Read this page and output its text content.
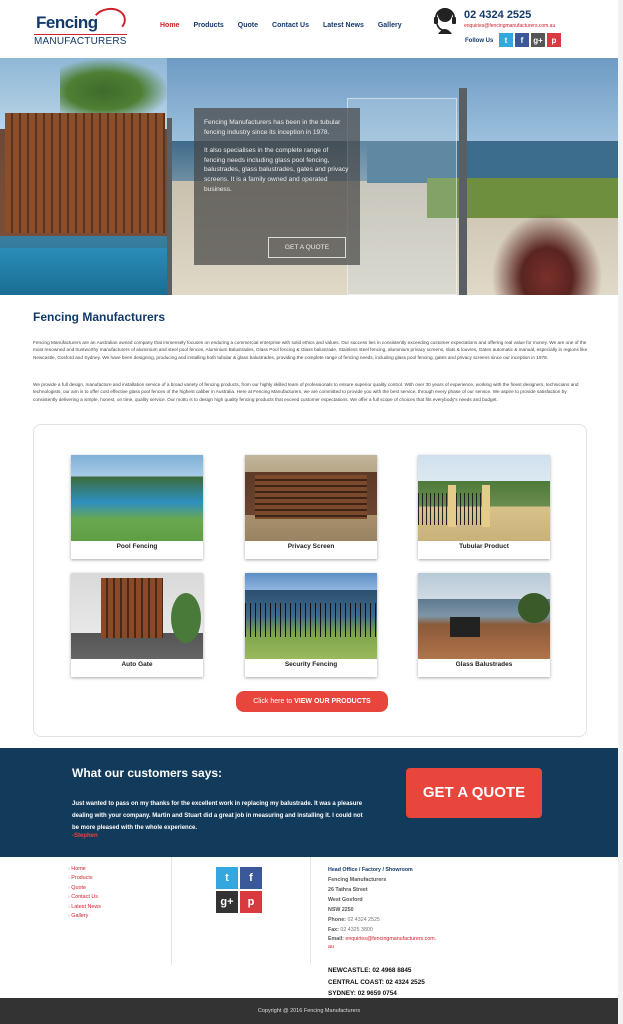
Fencing
MANUFACTURERS
Home Products Quote Contact Us Latest News Gallery
02 4324 2525
enquiries@fencingmanufacturers.com.au
Follow Us	t	f	g+	p

Fencing Manufacturers has been in the tubular fencing industry since its inception in 1978.

It also specialises in the complete range of fencing needs including glass pool fencing, balustrades, glass balustrades, gates and privacy screens. It is a family owned and operated business.

GET A QUOTE
Fencing Manufacturers

Fencing Manufacturers are an Australian owned company that immensely focuses on enduring a commercial enterprise with solid ethics and values. Our success lies in consistently exceeding customer expectations and offering real value for money. We are one of the most renowned and trustworthy manufacturers of aluminium and steel pool fences, Aluminium Balustrades, Glass Pool fencing & Glass balustrade, Stainless steel fencing, aluminium privacy screens, slats & louvres, Gates automatic & manual, especially in regions like Newcastle, Gosford and Sydney. We have been designing, producing and installing both tubular & glass balustrades, providing the complete range of fencing needs, including glass pool fencing, gates and privacy screens since our inception in 1978.

We provide a full design, manufacture and installation service of a broad variety of fencing products, from our highly skilled team of professionals to ensure superior quality control. With over 30 years of experience, working with the finest designers, technicians and technologists, our aim is to offer cost effective glass pool fences of the highest caliber in Australia. Here at Fencing Manufacturers, we are committed to provide you with the best service, through every phase of our service. We aspire to provide satisfaction by consistently delivering a simple, honest, on time, quality service. Our motto is to design high quality fencing products that exceed customer expectations. We offer a full scope of choices that fits everybody's needs and budget.

Pool Fencing	Privacy Screen	Tubular Product
Auto Gate	Security Fencing	Glass Balustrades
Click here to VIEW OUR PRODUCTS
What our customers says:
Just wanted to pass on my thanks for the excellent work in replacing my balustrade. It was a pleasure dealing with your company. Martin and Stuart did a great job in measuring and installing it. I could not be more pleased with the whole experience.
-Stephen
GET A QUOTE
› Home
› Products
› Quote
› Contact Us
› Latest News
› Gallery
t	f
g+	p
Head Office / Factory / Showroom
Fencing Manufacturers
26 Tathra Street
West Gosford
NSW 2250
Phone: 02 4324 2525
Fax: 02 4325 3800
Email: enquiries@fencingmanufacturers.com.au
NEWCASTLE: 02 4968 8845
CENTRAL COAST: 02 4324 2525
SYDNEY: 02 9659 0754
Copyright @ 2016 Fencing Manufacturers
